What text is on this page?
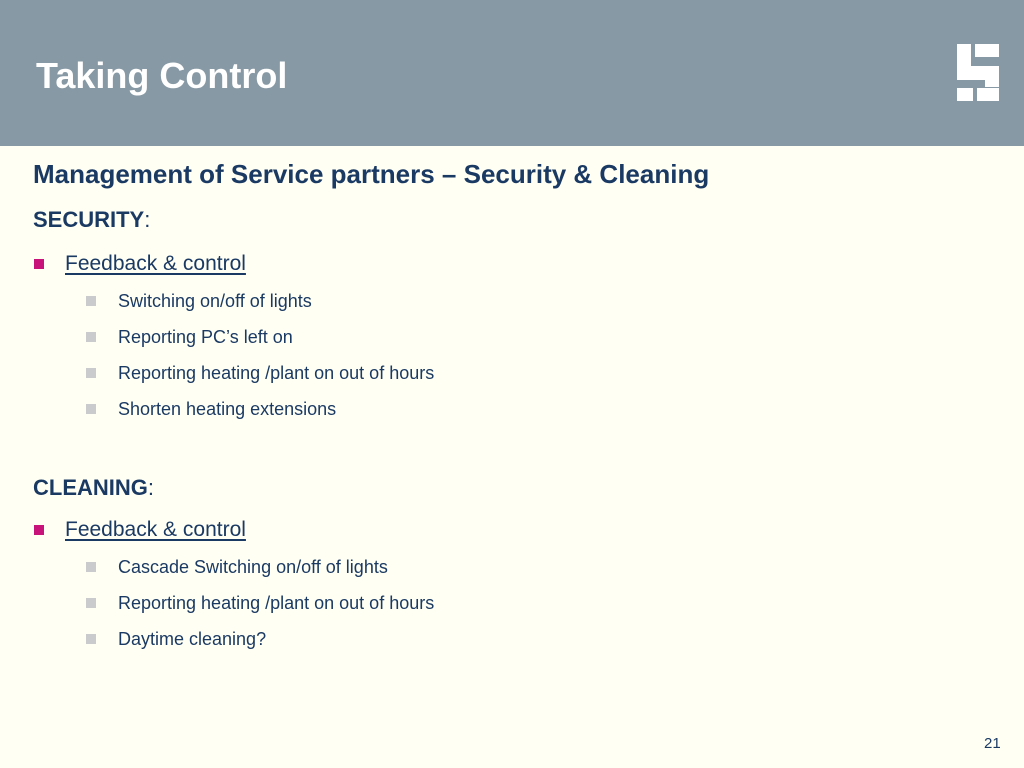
Taking Control
Management of Service partners – Security & Cleaning
SECURITY:
Feedback & control
Switching on/off of lights
Reporting PC’s left on
Reporting heating /plant on out of hours
Shorten heating extensions
CLEANING:
Feedback & control
Cascade Switching on/off of lights
Reporting heating /plant on out of hours
Daytime cleaning?
21
